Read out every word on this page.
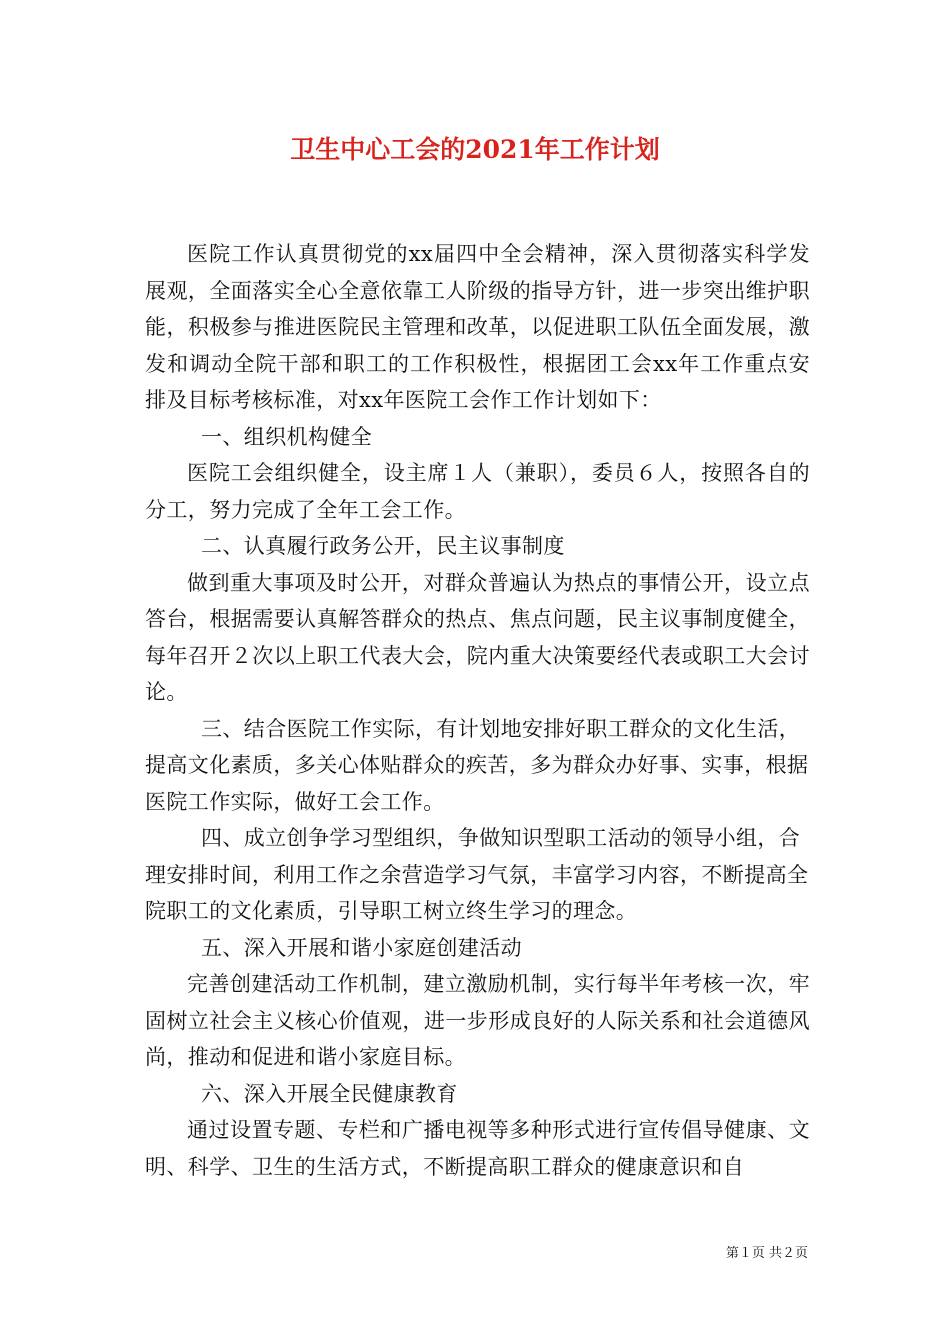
卫生中心工会的2021年工作计划

医院工作认真贯彻党的xx届四中全会精神，深入贯彻落实科学发展观，全面落实全心全意依靠工人阶级的指导方针，进一步突出维护职能，积极参与推进医院民主管理和改革，以促进职工队伍全面发展，激发和调动全院干部和职工的工作积极性，根据团工会xx年工作重点安排及目标考核标准，对xx年医院工会作工作计划如下：

一、组织机构健全

医院工会组织健全，设主席１人（兼职），委员６人，按照各自的分工，努力完成了全年工会工作。

二、认真履行政务公开，民主议事制度

做到重大事项及时公开，对群众普遍认为热点的事情公开，设立点答台，根据需要认真解答群众的热点、焦点问题，民主议事制度健全，每年召开２次以上职工代表大会，院内重大决策要经代表或职工大会讨论。

三、结合医院工作实际，有计划地安排好职工群众的文化生活，提高文化素质，多关心体贴群众的疾苦，多为群众办好事、实事，根据医院工作实际，做好工会工作。

四、成立创争学习型组织，争做知识型职工活动的领导小组，合理安排时间，利用工作之余营造学习气氛，丰富学习内容，不断提高全院职工的文化素质，引导职工树立终生学习的理念。

五、深入开展和谐小家庭创建活动

完善创建活动工作机制，建立激励机制，实行每半年考核一次，牢固树立社会主义核心价值观，进一步形成良好的人际关系和社会道德风尚，推动和促进和谐小家庭目标。

六、深入开展全民健康教育

通过设置专题、专栏和广播电视等多种形式进行宣传倡导健康、文明、科学、卫生的生活方式，不断提高职工群众的健康意识和自

第１页 共２页
